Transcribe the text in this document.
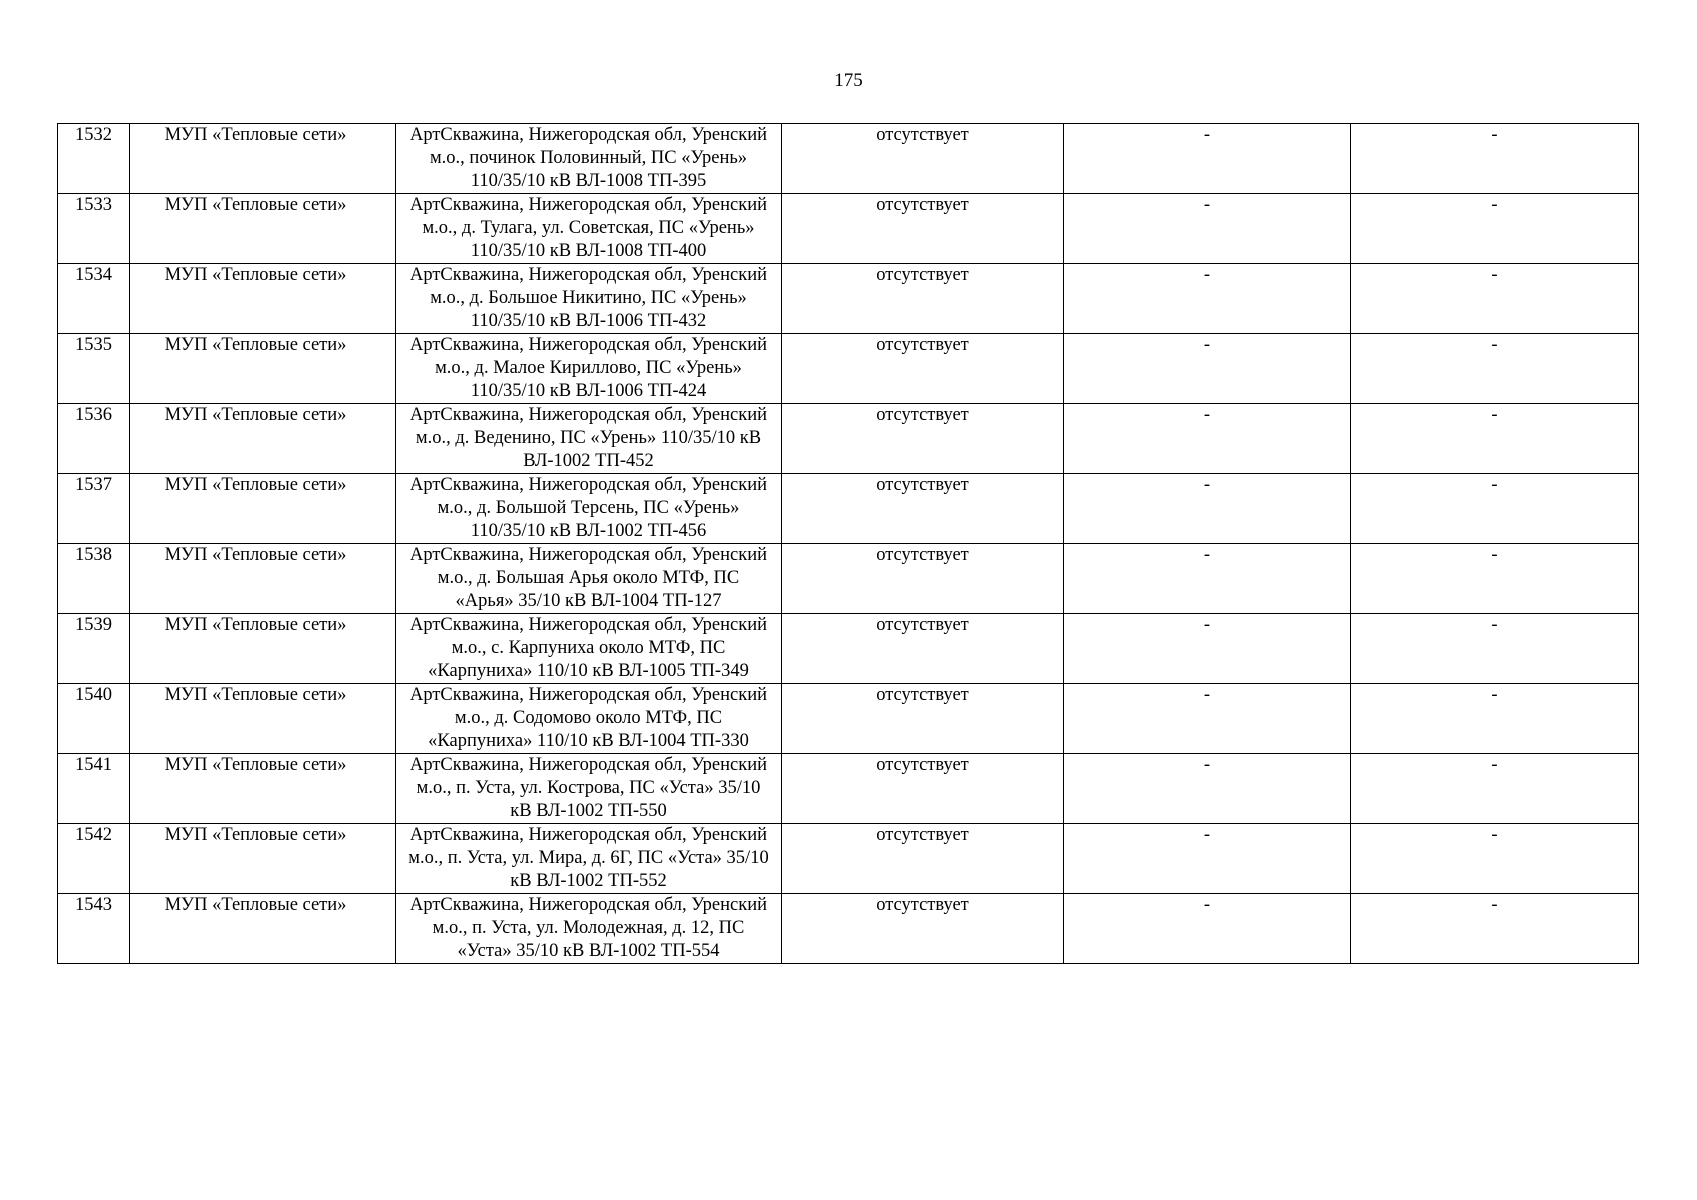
175
1532	МУП «Тепловые сети»	АртСкважина, Нижегородская обл, Уренский м.о., починок Половинный, ПС «Урень» 110/35/10 кВ ВЛ-1008 ТП-395	отсутствует	-	-
1533	МУП «Тепловые сети»	АртСкважина, Нижегородская обл, Уренский м.о., д. Тулага, ул. Советская, ПС «Урень» 110/35/10 кВ ВЛ-1008 ТП-400	отсутствует	-	-
1534	МУП «Тепловые сети»	АртСкважина, Нижегородская обл, Уренский м.о., д. Большое Никитино, ПС «Урень» 110/35/10 кВ ВЛ-1006 ТП-432	отсутствует	-	-
1535	МУП «Тепловые сети»	АртСкважина, Нижегородская обл, Уренский м.о., д. Малое Кириллово, ПС «Урень» 110/35/10 кВ ВЛ-1006 ТП-424	отсутствует	-	-
1536	МУП «Тепловые сети»	АртСкважина, Нижегородская обл, Уренский м.о., д. Веденино, ПС «Урень» 110/35/10 кВ ВЛ-1002 ТП-452	отсутствует	-	-
1537	МУП «Тепловые сети»	АртСкважина, Нижегородская обл, Уренский м.о., д. Большой Терсень, ПС «Урень» 110/35/10 кВ ВЛ-1002 ТП-456	отсутствует	-	-
1538	МУП «Тепловые сети»	АртСкважина, Нижегородская обл, Уренский м.о., д. Большая Арья около МТФ, ПС «Арья» 35/10 кВ ВЛ-1004 ТП-127	отсутствует	-	-
1539	МУП «Тепловые сети»	АртСкважина, Нижегородская обл, Уренский м.о., с. Карпуниха около МТФ, ПС «Карпуниха» 110/10 кВ ВЛ-1005 ТП-349	отсутствует	-	-
1540	МУП «Тепловые сети»	АртСкважина, Нижегородская обл, Уренский м.о., д. Содомово около МТФ, ПС «Карпуниха» 110/10 кВ ВЛ-1004 ТП-330	отсутствует	-	-
1541	МУП «Тепловые сети»	АртСкважина, Нижегородская обл, Уренский м.о., п. Уста, ул. Кострова, ПС «Уста» 35/10 кВ ВЛ-1002 ТП-550	отсутствует	-	-
1542	МУП «Тепловые сети»	АртСкважина, Нижегородская обл, Уренский м.о., п. Уста, ул. Мира, д. 6Г, ПС «Уста» 35/10 кВ ВЛ-1002 ТП-552	отсутствует	-	-
1543	МУП «Тепловые сети»	АртСкважина, Нижегородская обл, Уренский м.о., п. Уста, ул. Молодежная, д. 12, ПС «Уста» 35/10 кВ ВЛ-1002 ТП-554	отсутствует	-	-
